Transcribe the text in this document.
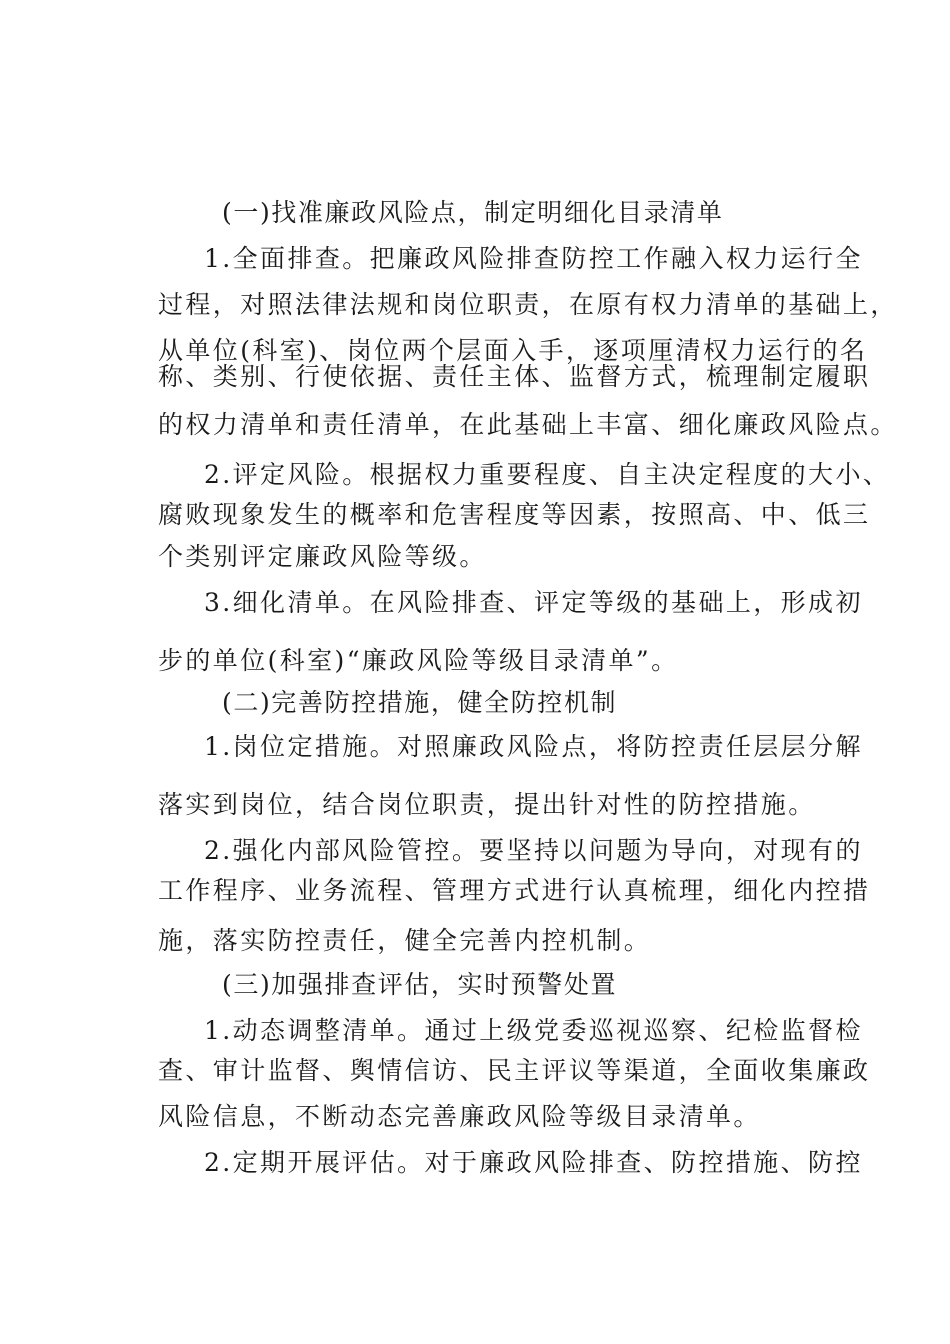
(一)找准廉政风险点，制定明细化目录清单
1.全面排查。把廉政风险排查防控工作融入权力运行全
过程，对照法律法规和岗位职责，在原有权力清单的基础上，
从单位(科室)、岗位两个层面入手，逐项厘清权力运行的名
称、类别、行使依据、责任主体、监督方式，梳理制定履职
的权力清单和责任清单，在此基础上丰富、细化廉政风险点。
2.评定风险。根据权力重要程度、自主决定程度的大小、
腐败现象发生的概率和危害程度等因素，按照高、中、低三
个类别评定廉政风险等级。
3.细化清单。在风险排查、评定等级的基础上，形成初
步的单位(科室)“廉政风险等级目录清单”。
(二)完善防控措施，健全防控机制
1.岗位定措施。对照廉政风险点，将防控责任层层分解
落实到岗位，结合岗位职责，提出针对性的防控措施。
2.强化内部风险管控。要坚持以问题为导向，对现有的
工作程序、业务流程、管理方式进行认真梳理，细化内控措
施，落实防控责任，健全完善内控机制。
(三)加强排查评估，实时预警处置
1.动态调整清单。通过上级党委巡视巡察、纪检监督检
查、审计监督、舆情信访、民主评议等渠道，全面收集廉政
风险信息，不断动态完善廉政风险等级目录清单。
2.定期开展评估。对于廉政风险排查、防控措施、防控
